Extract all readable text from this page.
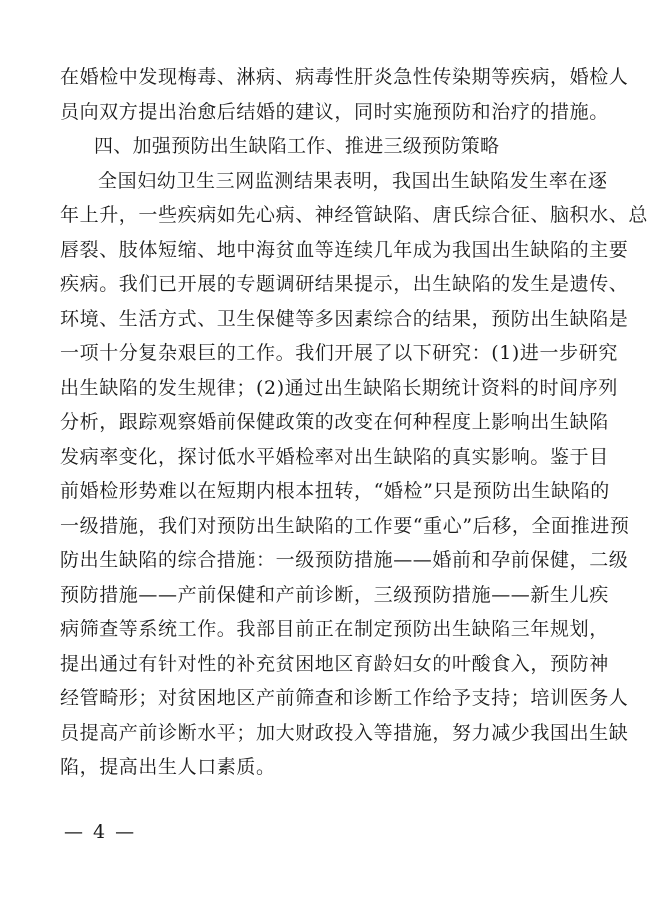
在婚检中发现梅毒、淋病、病毒性肝炎急性传染期等疾病，婚检人
员向双方提出治愈后结婚的建议，同时实施预防和治疗的措施。
四、加强预防出生缺陷工作、推进三级预防策略
全国妇幼卫生三网监测结果表明，我国出生缺陷发生率在逐
年上升，一些疾病如先心病、神经管缺陷、唐氏综合征、脑积水、总
唇裂、肢体短缩、地中海贫血等连续几年成为我国出生缺陷的主要
疾病。我们已开展的专题调研结果提示，出生缺陷的发生是遗传、
环境、生活方式、卫生保健等多因素综合的结果，预防出生缺陷是
一项十分复杂艰巨的工作。我们开展了以下研究：(1)进一步研究
出生缺陷的发生规律；(2)通过出生缺陷长期统计资料的时间序列
分析，跟踪观察婚前保健政策的改变在何种程度上影响出生缺陷
发病率变化，探讨低水平婚检率对出生缺陷的真实影响。鉴于目
前婚检形势难以在短期内根本扭转，“婚检”只是预防出生缺陷的
一级措施，我们对预防出生缺陷的工作要“重心”后移，全面推进预
防出生缺陷的综合措施：一级预防措施——婚前和孕前保健，二级
预防措施——产前保健和产前诊断，三级预防措施——新生儿疾
病筛查等系统工作。我部目前正在制定预防出生缺陷三年规划，
提出通过有针对性的补充贫困地区育龄妇女的叶酸食入，预防神
经管畸形；对贫困地区产前筛查和诊断工作给予支持；培训医务人
员提高产前诊断水平；加大财政投入等措施，努力减少我国出生缺
陷，提高出生人口素质。
— 4 —
